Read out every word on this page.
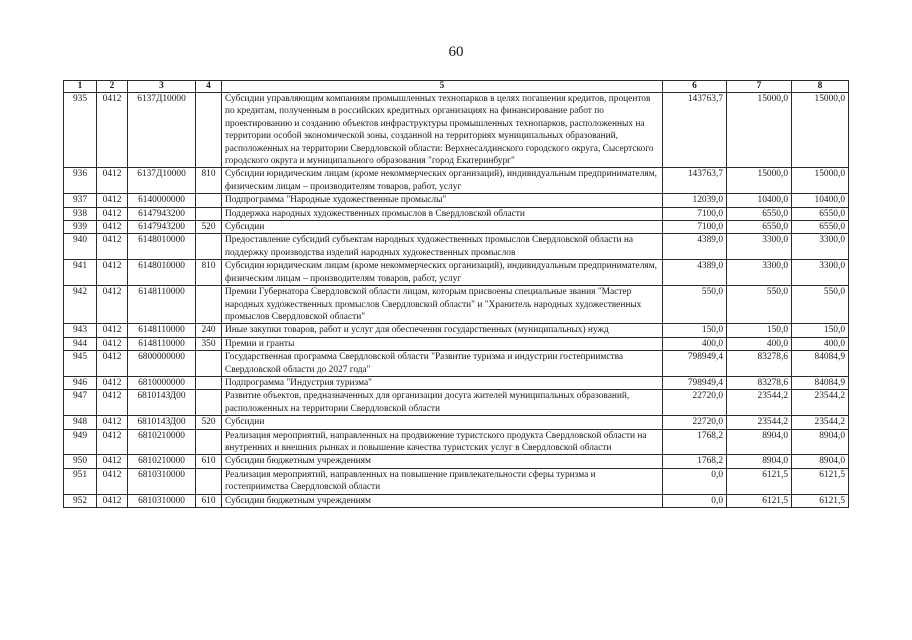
60
1	2	3	4	5	6	7	8
935	0412	6137Д10000		Субсидии управляющим компаниям промышленных технопарков в целях погашения кредитов, процентов по кредитам, полученным в российских кредитных организациях на финансирование работ по проектированию и созданию объектов инфраструктуры промышленных технопарков, расположенных на территории особой экономической зоны, созданной на территориях муниципальных образований, расположенных на территории Свердловской области: Верхнесалдинского городского округа, Сысертского городского округа и муниципального образования "город Екатеринбург"	143763,7	15000,0	15000,0
936	0412	6137Д10000	810	Субсидии юридическим лицам (кроме некоммерческих организаций), индивидуальным предпринимателям, физическим лицам – производителям товаров, работ, услуг	143763,7	15000,0	15000,0
937	0412	6140000000		Подпрограмма "Народные художественные промыслы"	12039,0	10400,0	10400,0
938	0412	6147943200		Поддержка народных художественных промыслов в Свердловской области	7100,0	6550,0	6550,0
939	0412	6147943200	520	Субсидии	7100,0	6550,0	6550,0
940	0412	6148010000		Предоставление субсидий субъектам народных художественных промыслов Свердловской области на поддержку производства изделий народных художественных промыслов	4389,0	3300,0	3300,0
941	0412	6148010000	810	Субсидии юридическим лицам (кроме некоммерческих организаций), индивидуальным предпринимателям, физическим лицам – производителям товаров, работ, услуг	4389,0	3300,0	3300,0
942	0412	6148110000		Премии Губернатора Свердловской области лицам, которым присвоены специальные звания "Мастер народных художественных промыслов Свердловской области" и "Хранитель народных художественных промыслов Свердловской области"	550,0	550,0	550,0
943	0412	6148110000	240	Иные закупки товаров, работ и услуг для обеспечения государственных (муниципальных) нужд	150,0	150,0	150,0
944	0412	6148110000	350	Премии и гранты	400,0	400,0	400,0
945	0412	6800000000		Государственная программа Свердловской области "Развитие туризма и индустрии гостеприимства Свердловской области до 2027 года"	798949,4	83278,6	84084,9
946	0412	6810000000		Подпрограмма "Индустрия туризма"	798949,4	83278,6	84084,9
947	0412	681014ЗД00		Развитие объектов, предназначенных для организации досуга жителей муниципальных образований, расположенных на территории Свердловской области	22720,0	23544,2	23544,2
948	0412	681014ЗД00	520	Субсидии	22720,0	23544,2	23544,2
949	0412	6810210000		Реализация мероприятий, направленных на продвижение туристского продукта Свердловской области на внутренних и внешних рынках и повышение качества туристских услуг в Свердловской области	1768,2	8904,0	8904,0
950	0412	6810210000	610	Субсидии бюджетным учреждениям	1768,2	8904,0	8904,0
951	0412	6810310000		Реализация мероприятий, направленных на повышение привлекательности сферы туризма и гостеприимства Свердловской области	0,0	6121,5	6121,5
952	0412	6810310000	610	Субсидии бюджетным учреждениям	0,0	6121,5	6121,5
